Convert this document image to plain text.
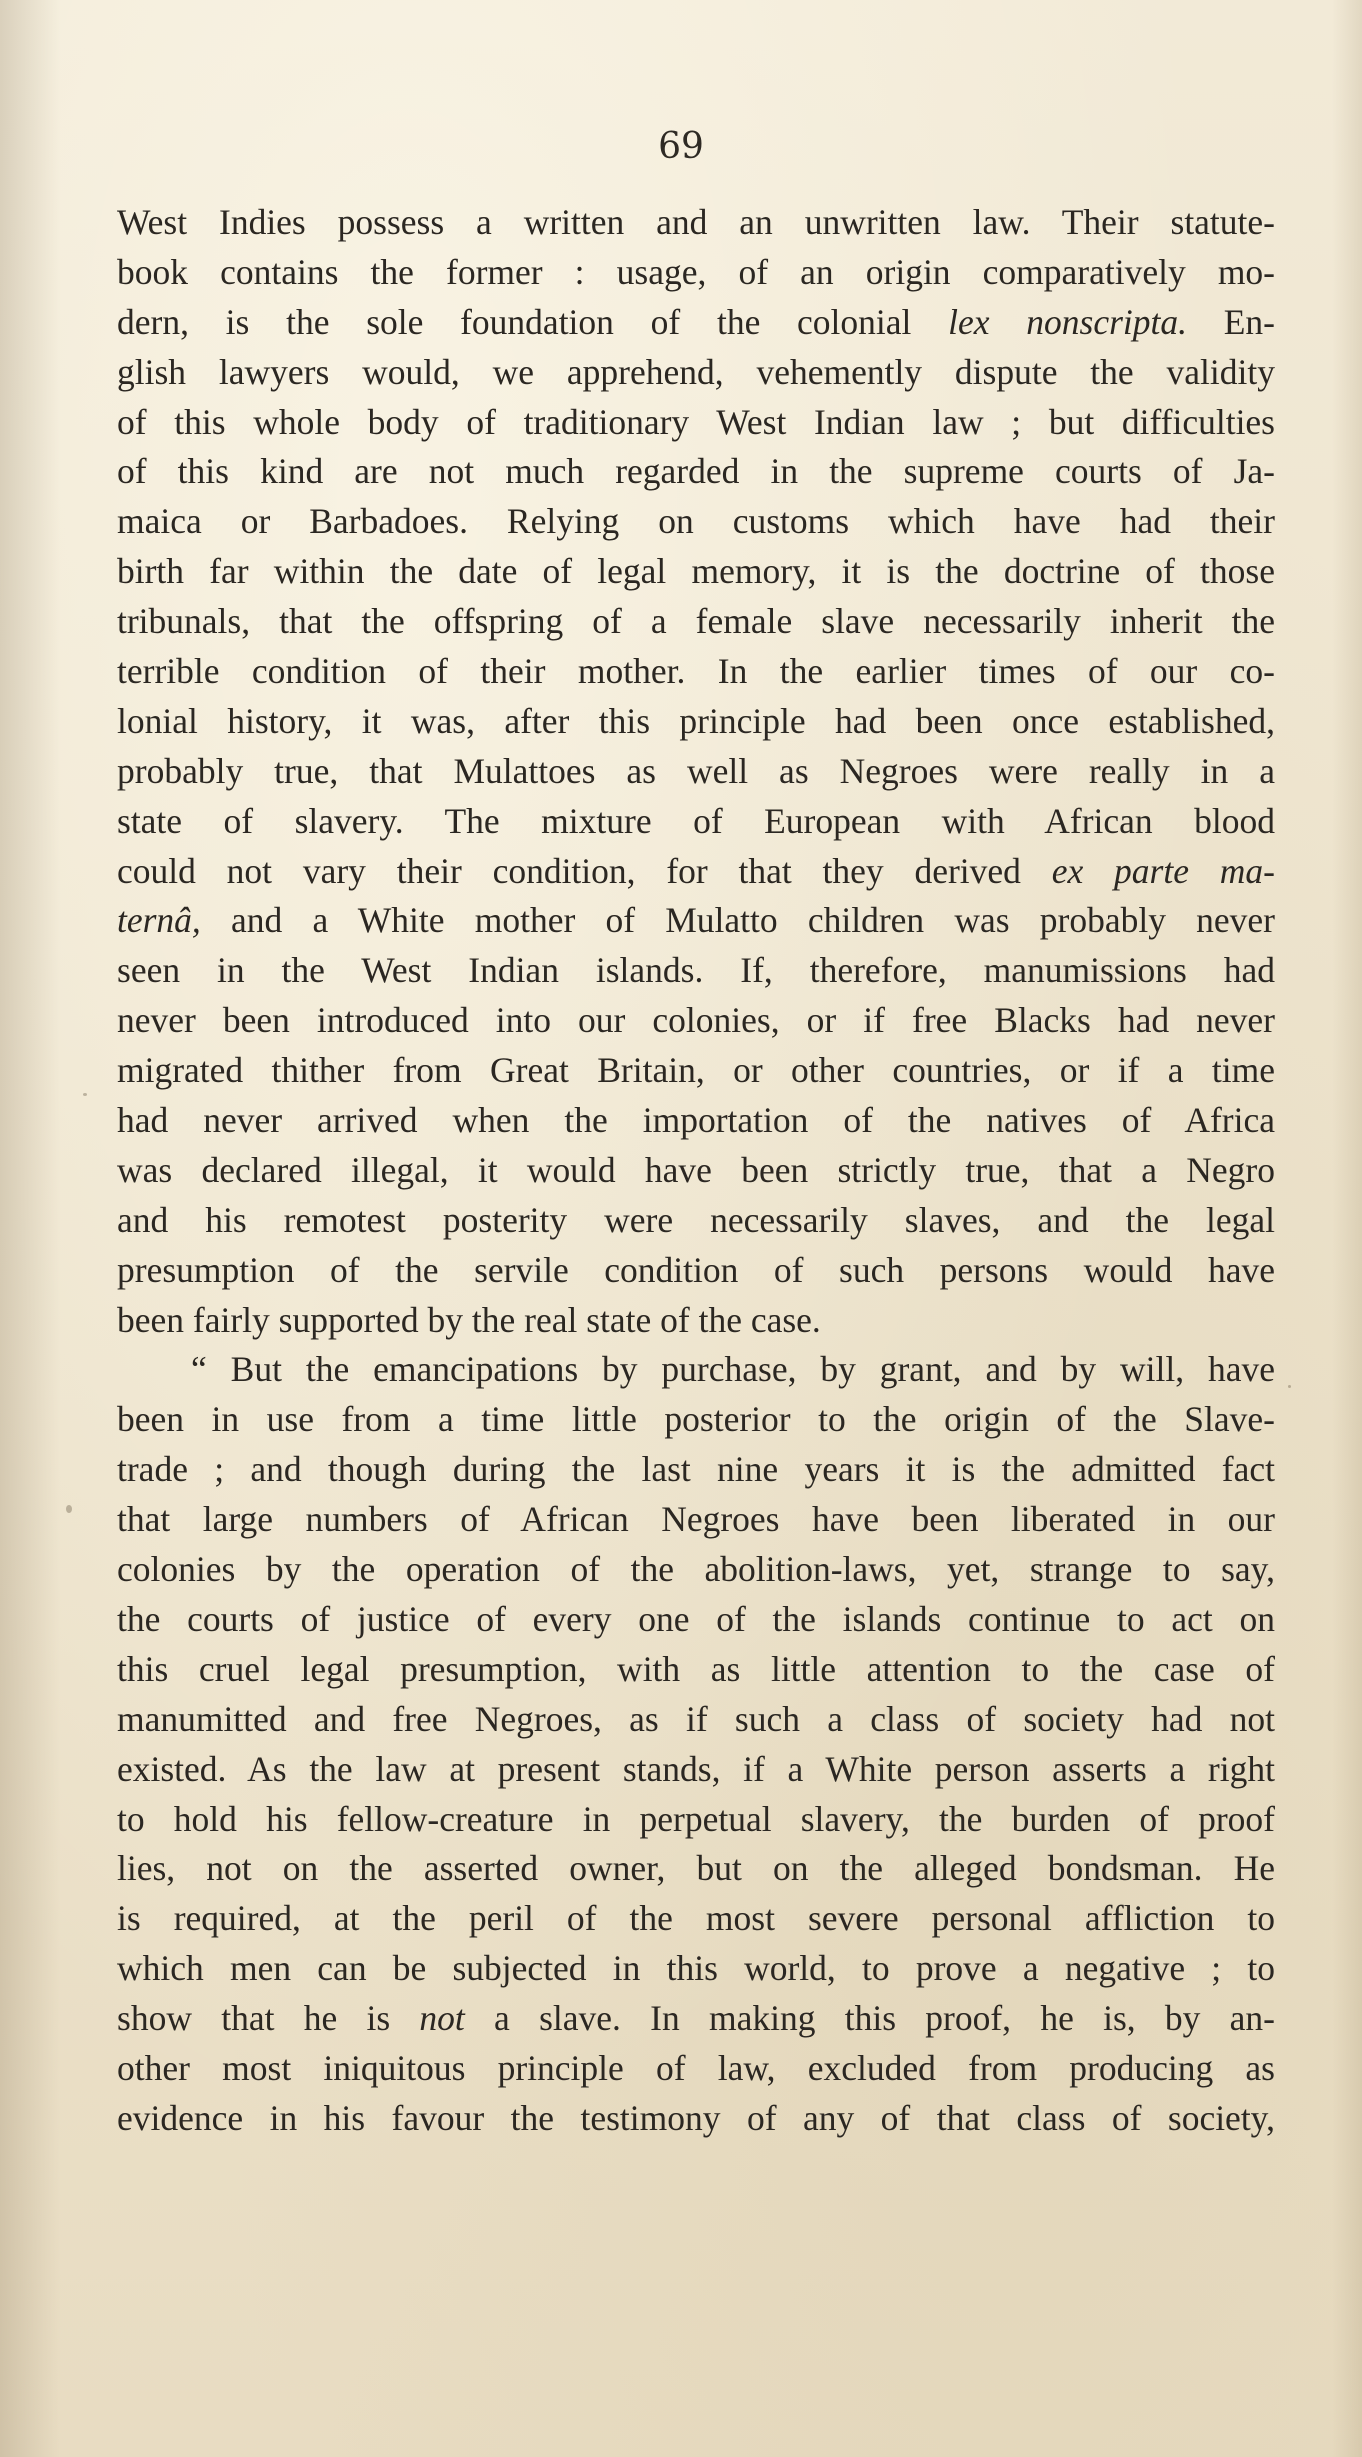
69
West Indies possess a written and an unwritten law. Their statute-
book contains the former : usage, of an origin comparatively mo-
dern, is the sole foundation of the colonial lex nonscripta. En-
glish lawyers would, we apprehend, vehemently dispute the validity
of this whole body of traditionary West Indian law ; but difficulties
of this kind are not much regarded in the supreme courts of Ja-
maica or Barbadoes. Relying on customs which have had their
birth far within the date of legal memory, it is the doctrine of those
tribunals, that the offspring of a female slave necessarily inherit the
terrible condition of their mother. In the earlier times of our co-
lonial history, it was, after this principle had been once established,
probably true, that Mulattoes as well as Negroes were really in a
state of slavery. The mixture of European with African blood
could not vary their condition, for that they derived ex parte ma-
ternâ, and a White mother of Mulatto children was probably never
seen in the West Indian islands. If, therefore, manumissions had
never been introduced into our colonies, or if free Blacks had never
migrated thither from Great Britain, or other countries, or if a time
had never arrived when the importation of the natives of Africa
was declared illegal, it would have been strictly true, that a Negro
and his remotest posterity were necessarily slaves, and the legal
presumption of the servile condition of such persons would have
been fairly supported by the real state of the case.
“ But the emancipations by purchase, by grant, and by will, have
been in use from a time little posterior to the origin of the Slave-
trade ; and though during the last nine years it is the admitted fact
that large numbers of African Negroes have been liberated in our
colonies by the operation of the abolition-laws, yet, strange to say,
the courts of justice of every one of the islands continue to act on
this cruel legal presumption, with as little attention to the case of
manumitted and free Negroes, as if such a class of society had not
existed. As the law at present stands, if a White person asserts a right
to hold his fellow-creature in perpetual slavery, the burden of proof
lies, not on the asserted owner, but on the alleged bondsman. He
is required, at the peril of the most severe personal affliction to
which men can be subjected in this world, to prove a negative ; to
show that he is not a slave. In making this proof, he is, by an-
other most iniquitous principle of law, excluded from producing as
evidence in his favour the testimony of any of that class of society,
